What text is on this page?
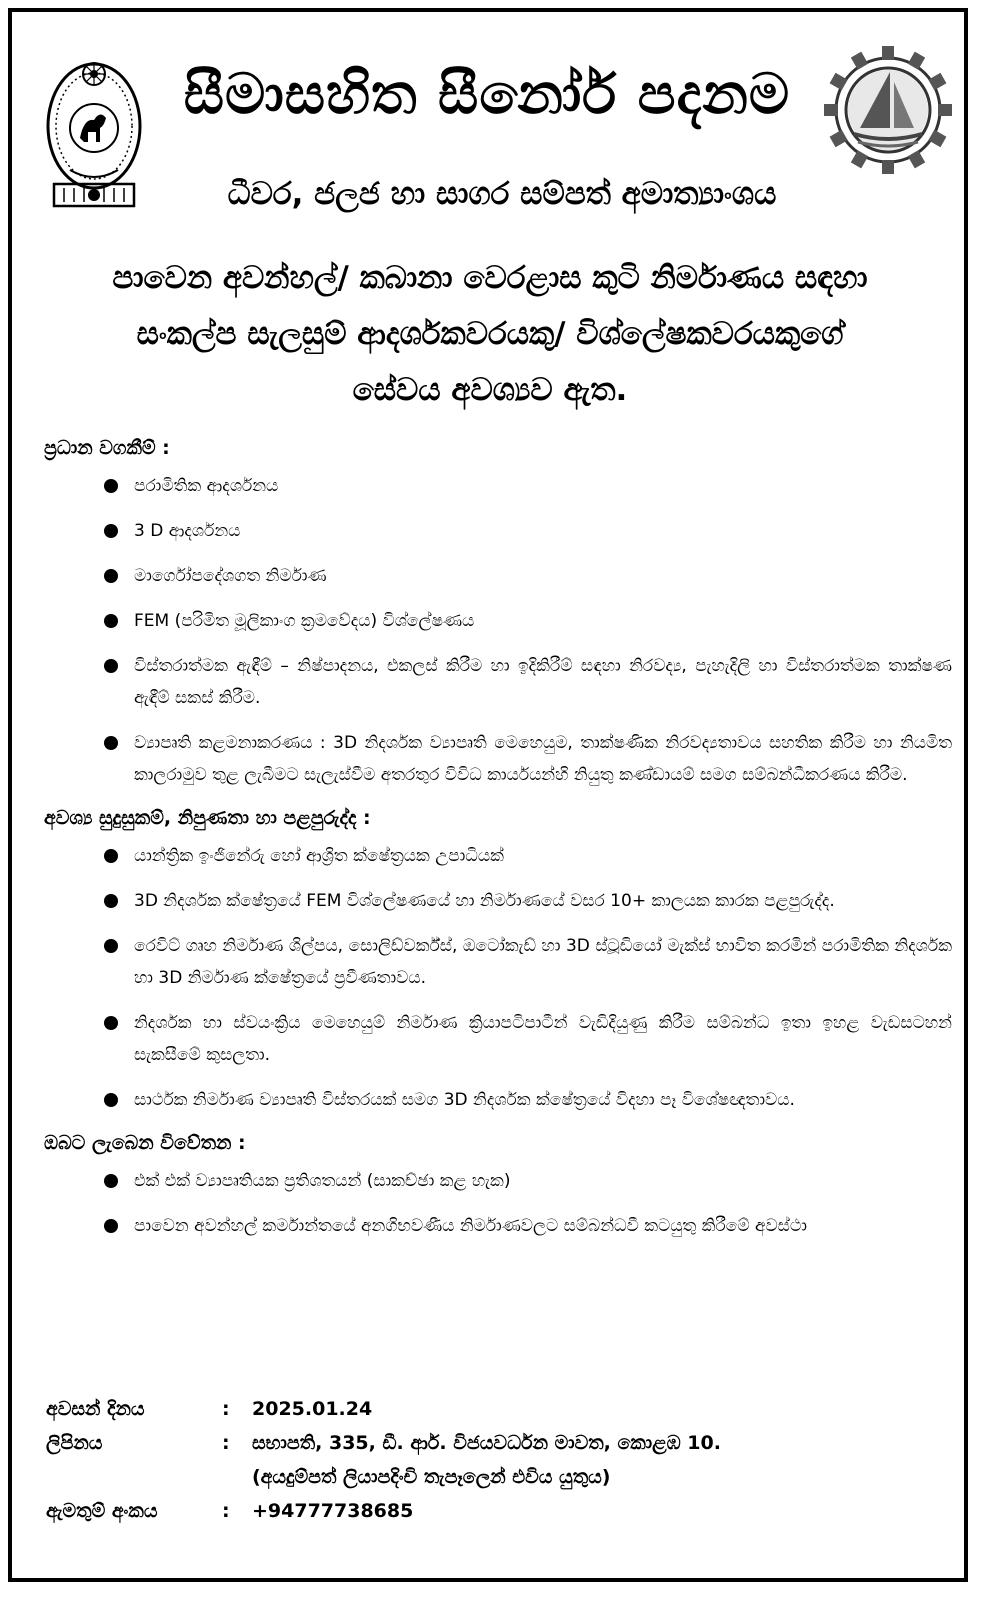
සීමාසහිත සීනෝර් පදනම
ධීවර, ජලජ හා සාගර සම්පත් අමාත්‍යාංශය
පාවෙන අවන්හල්/ කබානා වෙරළාස කුටි නිර්මාණය සඳහා
සංකල්ප සැලසුම් ආදර්ශකවරයකු/ විශ්ලේෂකවරයකුගේ
සේවය අවශ්‍යව ඇත.
ප්‍රධාන වගකීම් :
පරාමිතික ආදර්ශනය
3 D ආදර්ශනය
මාර්ගෝපදේශගත නිර්මාණ
FEM (පරිමිත මූලිකාංග ක්‍රමවේදය) විශ්ලේෂණය
විස්තරාත්මක ඇඳීම් – නිෂ්පාදනය, එකලස් කිරීම හා ඉදිකිරීම් සඳහා නිරවද්‍ය, පැහැදිලි හා විස්තරාත්මක තාක්ෂණ ඇඳීම් සකස් කිරීම.
ව්‍යාපෘති කළමනාකරණය : 3D නිදර්ශක ව්‍යාපෘති මෙහෙයුම, තාක්ෂණික නිරවද්‍යතාවය සහතික කිරීම හා නියමිත කාලරාමුව තුළ ලැබීමට සැලැස්වීම අතරතුර විවිධ කාර්යයන්හි නියුතු කණ්ඩායම් සමග සම්බන්ධීකරණය කිරීම.
අවශ්‍ය සුදුසුකම්, නිපුණතා හා පළපුරුද්ද :
යාන්ත්‍රික ඉංජිනේරු හෝ ආශ්‍රිත ක්ෂේත්‍රයක උපාධියක්
3D නිදර්ශක ක්ෂේත්‍රයේ FEM විශ්ලේෂණයේ හා නිර්මාණයේ වසර 10+ කාලයක කාරක පළපුරුද්ද.
රෙවිට් ගෘහ නිර්මාණ ශිල්පය, සොලිඩ්වර්ක්ස්, ඔටෝකැඩ් හා 3D ස්ටූඩියෝ මැක්ස් භාවිත කරමින් පරාමිතික නිදර්ශක හා 3D නිර්මාණ ක්ෂේත්‍රයේ ප්‍රවීණතාවය.
නිදර්ශක හා ස්වයංක්‍රිය මෙහෙයුම් නිර්මාණ ක්‍රියාපටිපාටීන් වැඩිදියුණු කිරීම සම්බන්ධ ඉතා ඉහළ වැඩසටහන් සැකසීමේ කුසලතා.
සාර්ථක නිර්මාණ ව්‍යාපෘති විස්තරයක් සමග 3D නිදර්ශක ක්ෂේත්‍රයේ විදහා පෑ විශේෂඥතාවය.
ඔබට ලැබෙන විවේතන :
එක් එක් ව්‍යාපෘතියක ප්‍රතිශතයන් (සාකච්ඡා කළ හැක)
පාවෙන අවන්හල් කර්මාන්තයේ අනගිභවණීය නිර්මාණවලට සම්බන්ධවී කටයුතු කිරීමේ අවස්ථා
අවසන් දිනය	: 2025.01.24
ලිපිනය	: සභාපති, 335, ඩී. ආර්. විජයවර්ධන මාවත, කොළඹ 10.
(අයදුම්පත් ලියාපදිංචි තැපෑලෙන් එවිය යුතුය)
ඇමතුම් අංකය	: +94777738685
